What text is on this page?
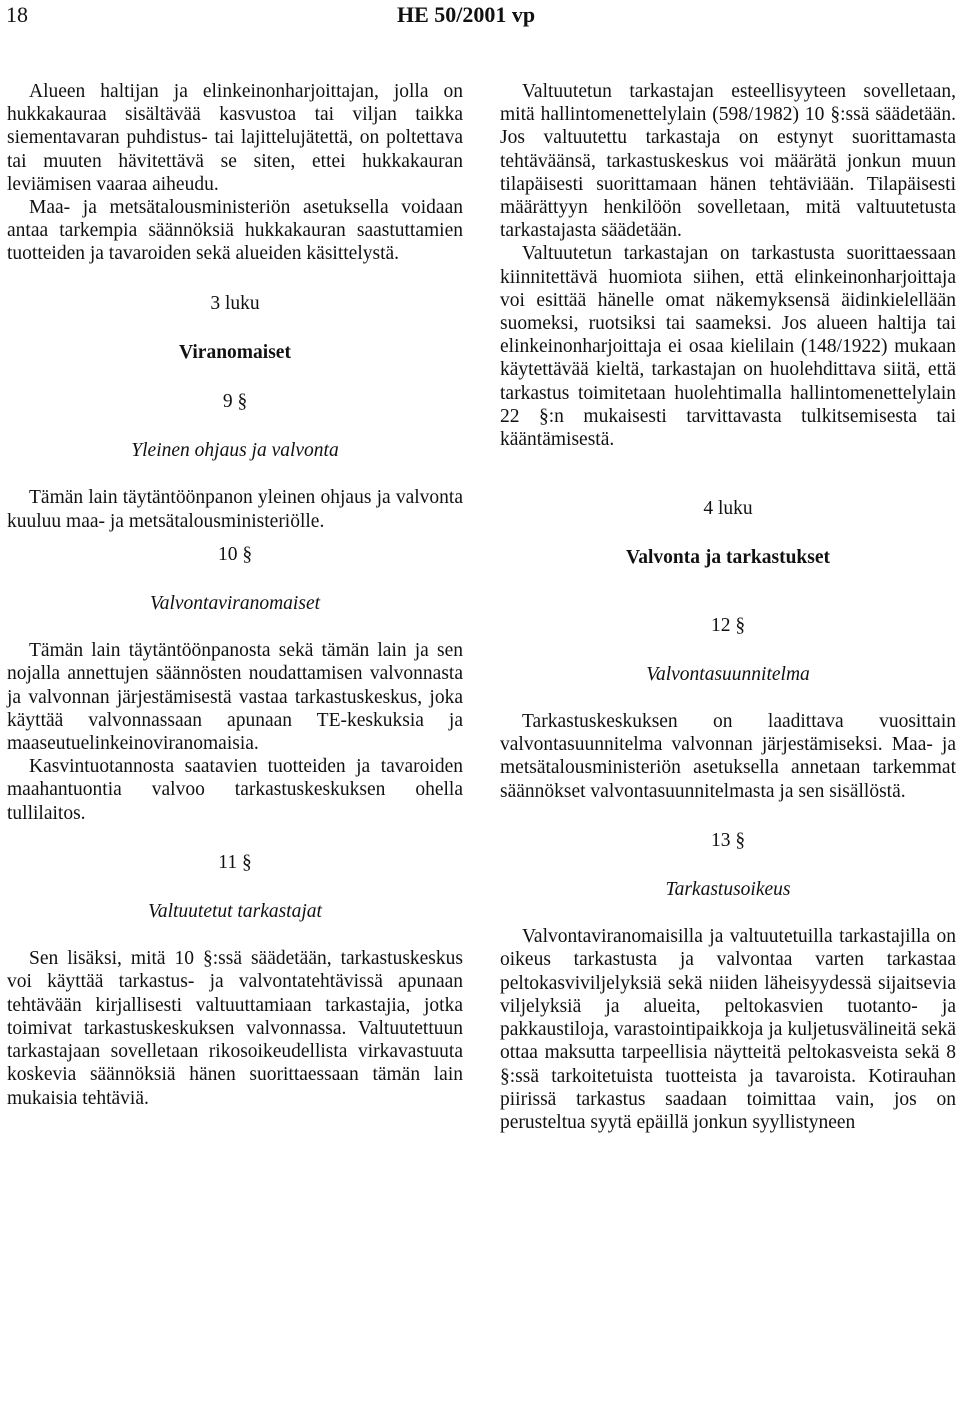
18	HE 50/2001 vp

Alueen haltijan ja elinkeinonharjoittajan, jolla on hukkakauraa sisältävää kasvustoa tai viljan taikka siementavaran puhdistus- tai lajittelujätettä, on poltettava tai muuten hävitettävä se siten, ettei hukkakauran leviämisen vaaraa aiheudu.

Maa- ja metsätalousministeriön asetuksella voidaan antaa tarkempia säännöksiä hukkakauran saastuttamien tuotteiden ja tavaroiden sekä alueiden käsittelystä.

3 luku

Viranomaiset

9 §

Yleinen ohjaus ja valvonta

Tämän lain täytäntöönpanon yleinen ohjaus ja valvonta kuuluu maa- ja metsätalousministeriölle.

10 §

Valvontaviranomaiset

Tämän lain täytäntöönpanosta sekä tämän lain ja sen nojalla annettujen säännösten noudattamisen valvonnasta ja valvonnan järjestämisestä vastaa tarkastuskeskus, joka käyttää valvonnassaan apunaan TE-keskuksia ja maaseutuelinkeinoviranomaisia.

Kasvintuotannosta saatavien tuotteiden ja tavaroiden maahantuontia valvoo tarkastuskeskuksen ohella tullilaitos.

11 §

Valtuutetut tarkastajat

Sen lisäksi, mitä 10 §:ssä säädetään, tarkastuskeskus voi käyttää tarkastus- ja valvontatehtävissä apunaan tehtävään kirjallisesti valtuuttamiaan tarkastajia, jotka toimivat tarkastuskeskuksen valvonnassa. Valtuutettuun tarkastajaan sovelletaan rikosoikeudellista virkavastuuta koskevia säännöksiä hänen suorittaessaan tämän lain mukaisia tehtäviä.

Valtuutetun tarkastajan esteellisyyteen sovelletaan, mitä hallintomenettelylain (598/1982) 10 §:ssä säädetään. Jos valtuutettu tarkastaja on estynyt suorittamasta tehtäväänsä, tarkastuskeskus voi määrätä jonkun muun tilapäisesti suorittamaan hänen tehtäviään. Tilapäisesti määrättyyn henkilöön sovelletaan, mitä valtuutetusta tarkastajasta säädetään.

Valtuutetun tarkastajan on tarkastusta suorittaessaan kiinnitettävä huomiota siihen, että elinkeinonharjoittaja voi esittää hänelle omat näkemyksensä äidinkielellään suomeksi, ruotsiksi tai saameksi. Jos alueen haltija tai elinkeinonharjoittaja ei osaa kielilain (148/1922) mukaan käytettävää kieltä, tarkastajan on huolehdittava siitä, että tarkastus toimitetaan huolehtimalla hallintomenettelylain 22 §:n mukaisesti tarvittavasta tulkitsemisesta tai kääntämisestä.

4 luku

Valvonta ja tarkastukset

12 §

Valvontasuunnitelma

Tarkastuskeskuksen on laadittava vuosittain valvontasuunnitelma valvonnan järjestämiseksi. Maa- ja metsätalousministeriön asetuksella annetaan tarkemmat säännökset valvontasuunnitelmasta ja sen sisällöstä.

13 §

Tarkastusoikeus

Valvontaviranomaisilla ja valtuutetuilla tarkastajilla on oikeus tarkastusta ja valvontaa varten tarkastaa peltokasviviljelyksiä sekä niiden läheisyydessä sijaitsevia viljelyksiä ja alueita, peltokasvien tuotanto- ja pakkaustiloja, varastointipaikkoja ja kuljetusvälineitä sekä ottaa maksutta tarpeellisia näytteitä peltokasveista sekä 8 §:ssä tarkoitetuista tuotteista ja tavaroista. Kotirauhan piirissä tarkastus saadaan toimittaa vain, jos on perusteltua syytä epäillä jonkun syyllistyneen
